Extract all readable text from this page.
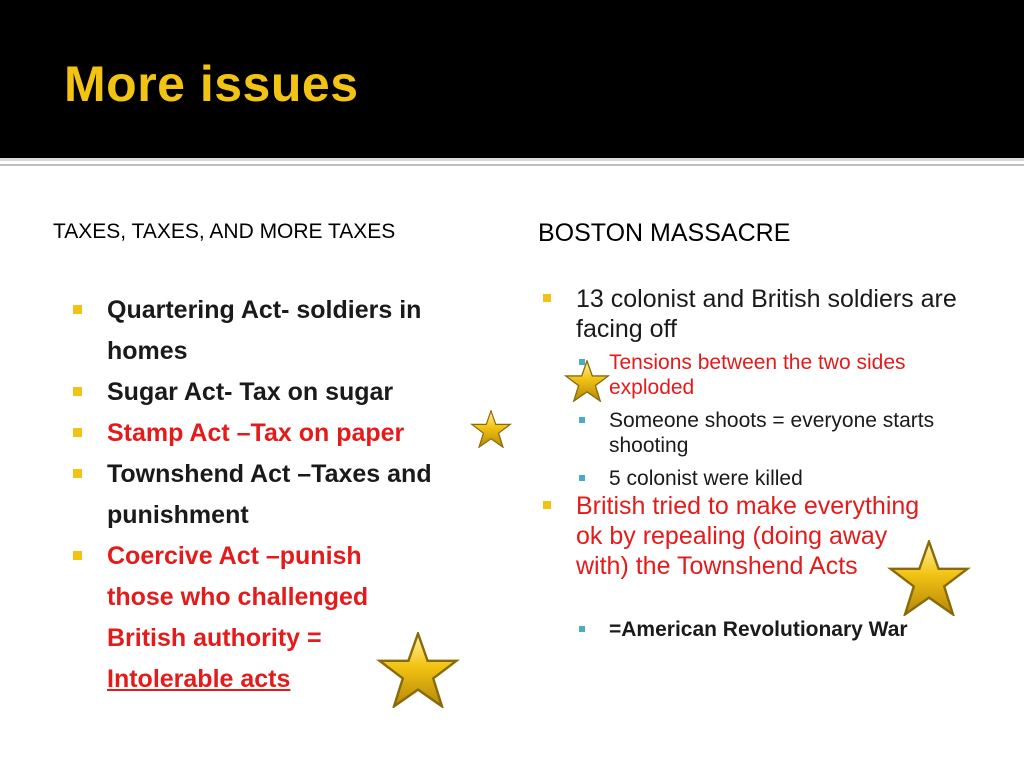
More issues
TAXES, TAXES, AND MORE TAXES	BOSTON MASSACRE
Quartering Act- soldiers in homes
Sugar Act- Tax on sugar
Stamp Act –Tax on paper
Townshend Act –Taxes and punishment
Coercive Act –punish those who challenged British authority = Intolerable acts
13 colonist and British soldiers are facing off
Tensions between the two sides exploded
Someone shoots = everyone starts shooting
5 colonist were killed
British tried to make everything ok by repealing (doing away with) the Townshend Acts
=American Revolutionary War
